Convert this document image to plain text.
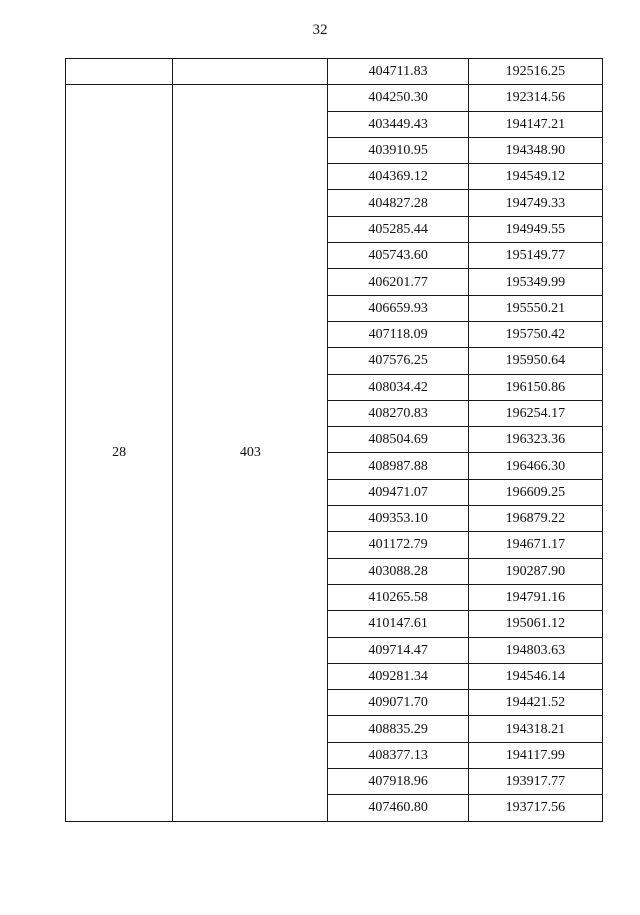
32
		404711.83	192516.25
28	403	404250.30	192314.56
		403449.43	194147.21
		403910.95	194348.90
		404369.12	194549.12
		404827.28	194749.33
		405285.44	194949.55
		405743.60	195149.77
		406201.77	195349.99
		406659.93	195550.21
		407118.09	195750.42
		407576.25	195950.64
		408034.42	196150.86
		408270.83	196254.17
		408504.69	196323.36
		408987.88	196466.30
		409471.07	196609.25
		409353.10	196879.22
		401172.79	194671.17
		403088.28	190287.90
		410265.58	194791.16
		410147.61	195061.12
		409714.47	194803.63
		409281.34	194546.14
		409071.70	194421.52
		408835.29	194318.21
		408377.13	194117.99
		407918.96	193917.77
		407460.80	193717.56
